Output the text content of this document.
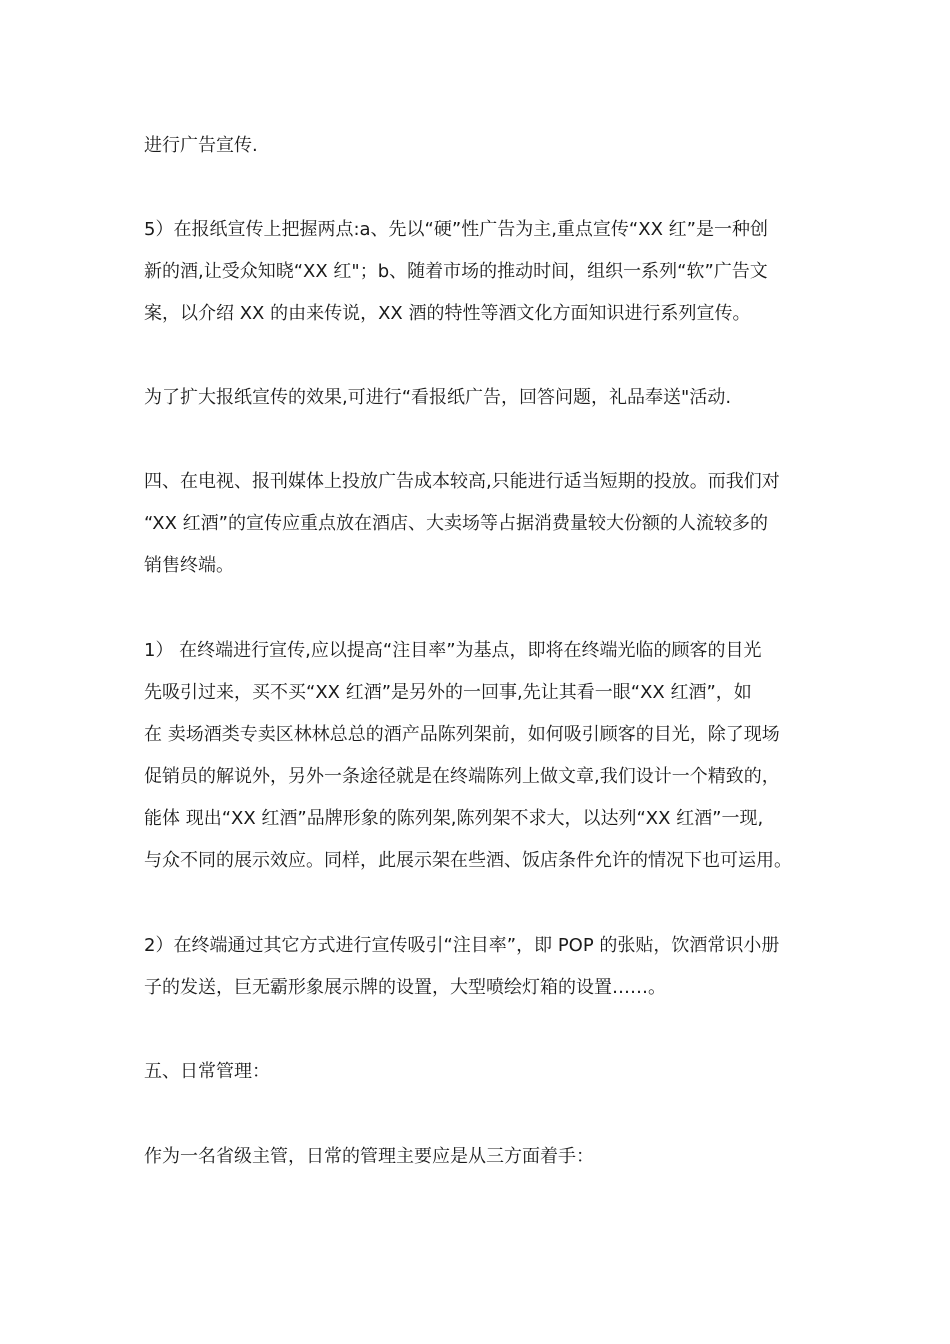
进行广告宣传.
5）在报纸宣传上把握两点:a、先以“硬”性广告为主,重点宣传“XX 红”是一种创
新的酒,让受众知晓“XX 红"；b、随着市场的推动时间，组织一系列“软”广告文
案，以介绍 XX 的由来传说，XX 酒的特性等酒文化方面知识进行系列宣传。
为了扩大报纸宣传的效果,可进行“看报纸广告，回答问题，礼品奉送"活动.
四、在电视、报刊媒体上投放广告成本较高,只能进行适当短期的投放。而我们对
“XX 红酒”的宣传应重点放在酒店、大卖场等占据消费量较大份额的人流较多的
销售终端。
1） 在终端进行宣传,应以提高“注目率”为基点，即将在终端光临的顾客的目光
先吸引过来，买不买“XX 红酒”是另外的一回事,先让其看一眼“XX 红酒”，如
在 卖场酒类专卖区林林总总的酒产品陈列架前，如何吸引顾客的目光，除了现场
促销员的解说外，另外一条途径就是在终端陈列上做文章,我们设计一个精致的，
能体 现出“XX 红酒”品牌形象的陈列架,陈列架不求大，以达列“XX 红酒”一现,
与众不同的展示效应。同样，此展示架在些酒、饭店条件允许的情况下也可运用。
2）在终端通过其它方式进行宣传吸引“注目率”，即 POP 的张贴，饮酒常识小册
子的发送，巨无霸形象展示牌的设置，大型喷绘灯箱的设置……。
五、日常管理：
作为一名省级主管，日常的管理主要应是从三方面着手：
